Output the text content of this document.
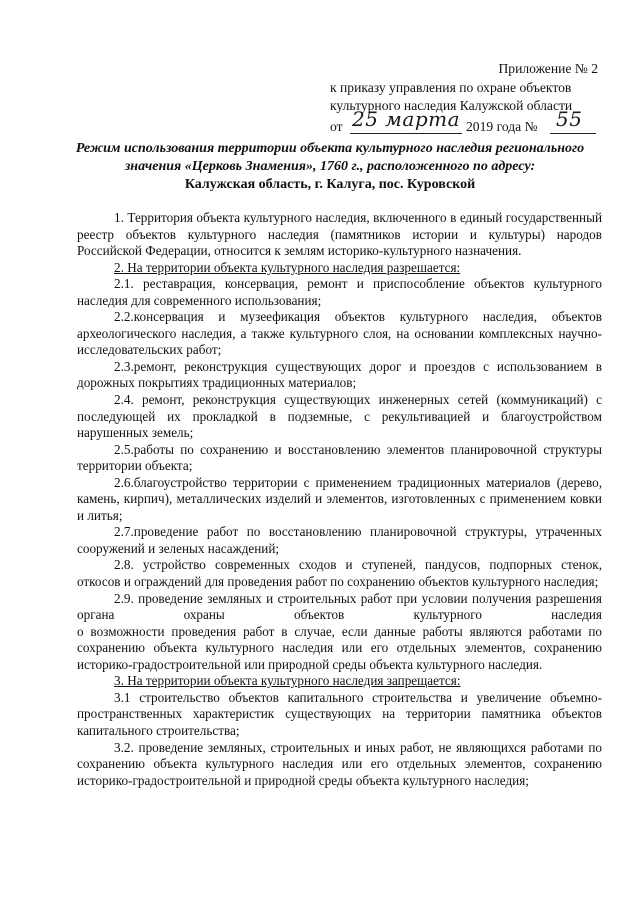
Приложение № 2
к приказу управления по охране объектов
культурного наследия Калужской области
от 25 марта 2019 года № 55
Режим использования территории объекта культурного наследия регионального
значения «Церковь Знамения», 1760 г., расположенного по адресу:
Калужская область, г. Калуга, пос. Куровской

1. Территория объекта культурного наследия, включенного в единый государственный реестр объектов культурного наследия (памятников истории и культуры) народов Российской Федерации, относится к землям историко-культурного назначения.

2. На территории объекта культурного наследия разрешается:

2.1. реставрация, консервация, ремонт и приспособление объектов культурного наследия для современного использования;

2.2.консервация и музеефикация объектов культурного наследия, объектов археологического наследия, а также культурного слоя, на основании комплексных научно-исследовательских работ;

2.3.ремонт, реконструкция существующих дорог и проездов с использованием в дорожных покрытиях традиционных материалов;

2.4. ремонт, реконструкция существующих инженерных сетей (коммуникаций) с последующей их прокладкой в подземные, с рекультивацией и благоустройством нарушенных земель;

2.5.работы по сохранению и восстановлению элементов планировочной структуры территории объекта;

2.6.благоустройство территории с применением традиционных материалов (дерево, камень, кирпич), металлических изделий и элементов, изготовленных с применением ковки и литья;

2.7.проведение работ по восстановлению планировочной структуры, утраченных сооружений и зеленых насаждений;

2.8. устройство современных сходов и ступеней, пандусов, подпорных стенок, откосов и ограждений для проведения работ по сохранению объектов культурного наследия;

2.9. проведение земляных и строительных работ при условии получения разрешения органа охраны объектов культурного наследия

о возможности проведения работ в случае, если данные работы являются работами по сохранению объекта культурного наследия или его отдельных элементов, сохранению историко-градостроительной или природной среды объекта культурного наследия.

3. На территории объекта культурного наследия запрещается:

3.1 строительство объектов капитального строительства и увеличение объемно-пространственных характеристик существующих на территории памятника объектов капитального строительства;

3.2. проведение земляных, строительных и иных работ, не являющихся работами по сохранению объекта культурного наследия или его отдельных элементов, сохранению историко-градостроительной и природной среды объекта культурного наследия;
